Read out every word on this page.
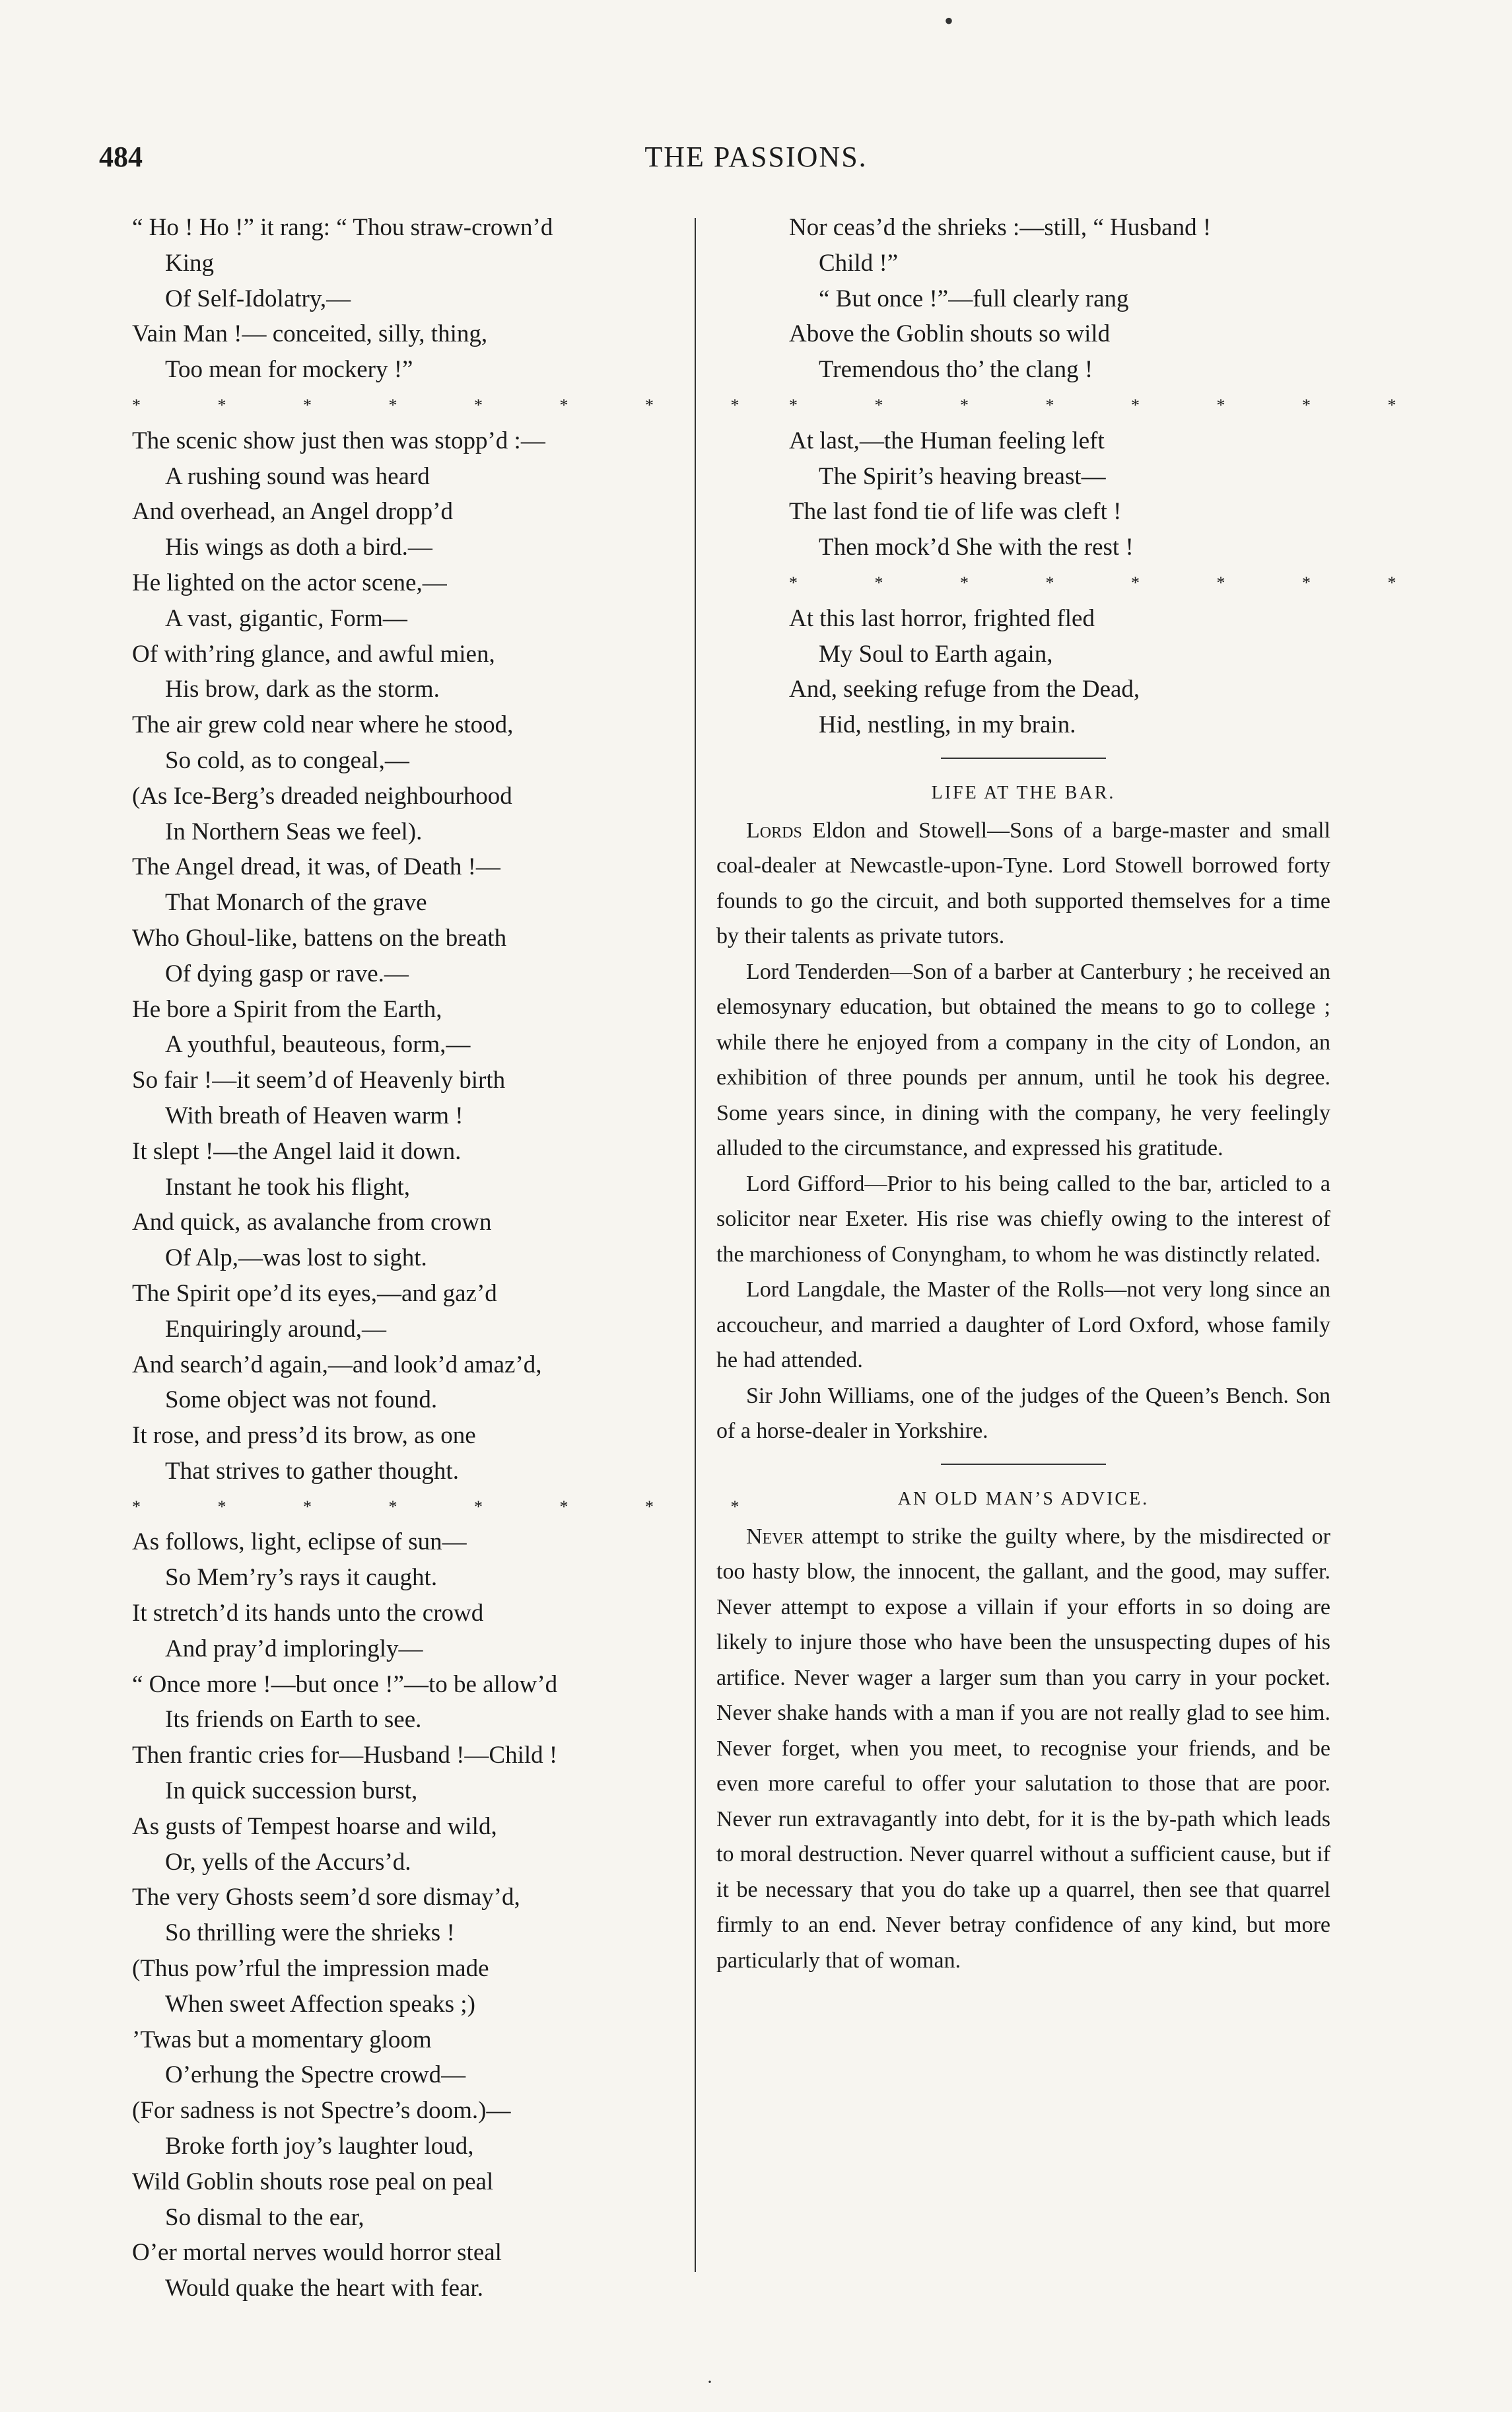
484	THE PASSIONS.
“ Ho ! Ho !” it rang: “ Thou straw-crown’d
King
Of Self-Idolatry,—
Vain Man !— conceited, silly, thing,
Too mean for mockery !”
* * * * * * * *
The scenic show just then was stopp’d :—
A rushing sound was heard
And overhead, an Angel dropp’d
His wings as doth a bird.—
He lighted on the actor scene,—
A vast, gigantic, Form—
Of with’ring glance, and awful mien,
His brow, dark as the storm.
The air grew cold near where he stood,
So cold, as to congeal,—
(As Ice-Berg’s dreaded neighbourhood
In Northern Seas we feel).
The Angel dread, it was, of Death !—
That Monarch of the grave
Who Ghoul-like, battens on the breath
Of dying gasp or rave.—
He bore a Spirit from the Earth,
A youthful, beauteous, form,—
So fair !—it seem’d of Heavenly birth
With breath of Heaven warm !
It slept !—the Angel laid it down.
Instant he took his flight,
And quick, as avalanche from crown
Of Alp,—was lost to sight.
The Spirit ope’d its eyes,—and gaz’d
Enquiringly around,—
And search’d again,—and look’d amaz’d,
Some object was not found.
It rose, and press’d its brow, as one
That strives to gather thought.
* * * * * * * *
As follows, light, eclipse of sun—
So Mem’ry’s rays it caught.
It stretch’d its hands unto the crowd
And pray’d imploringly—
“ Once more !—but once !”—to be allow’d
Its friends on Earth to see.
Then frantic cries for—Husband !—Child !
In quick succession burst,
As gusts of Tempest hoarse and wild,
Or, yells of the Accurs’d.
The very Ghosts seem’d sore dismay’d,
So thrilling were the shrieks !
(Thus pow’rful the impression made
When sweet Affection speaks ;)
’Twas but a momentary gloom
O’erhung the Spectre crowd—
(For sadness is not Spectre’s doom.)—
Broke forth joy’s laughter loud,
Wild Goblin shouts rose peal on peal
So dismal to the ear,
O’er mortal nerves would horror steal
Would quake the heart with fear.
Nor ceas’d the shrieks :—still, “ Husband !
Child !”
“ But once !”—full clearly rang
Above the Goblin shouts so wild
Tremendous tho’ the clang !
* * * * * * * *
At last,—the Human feeling left
The Spirit’s heaving breast—
The last fond tie of life was cleft !
Then mock’d She with the rest !
* * * * * * * *
At this last horror, frighted fled
My Soul to Earth again,
And, seeking refuge from the Dead,
Hid, nestling, in my brain.
LIFE AT THE BAR.

Lords Eldon and Stowell—Sons of a barge-master and small coal-dealer at Newcastle-upon-Tyne. Lord Stowell borrowed forty founds to go the circuit, and both supported themselves for a time by their talents as private tutors.

Lord Tenderden—Son of a barber at Canterbury ; he received an elemosynary education, but obtained the means to go to college ; while there he enjoyed from a company in the city of London, an exhibition of three pounds per annum, until he took his degree. Some years since, in dining with the company, he very feelingly alluded to the circumstance, and expressed his gratitude.

Lord Gifford—Prior to his being called to the bar, articled to a solicitor near Exeter. His rise was chiefly owing to the interest of the marchioness of Conyngham, to whom he was distinctly related.

Lord Langdale, the Master of the Rolls—not very long since an accoucheur, and married a daughter of Lord Oxford, whose family he had attended.

Sir John Williams, one of the judges of the Queen’s Bench. Son of a horse-dealer in Yorkshire.

AN OLD MAN’S ADVICE.

Never attempt to strike the guilty where, by the misdirected or too hasty blow, the innocent, the gallant, and the good, may suffer. Never attempt to expose a villain if your efforts in so doing are likely to injure those who have been the unsuspecting dupes of his artifice. Never wager a larger sum than you carry in your pocket. Never shake hands with a man if you are not really glad to see him. Never forget, when you meet, to recognise your friends, and be even more careful to offer your salutation to those that are poor. Never run extravagantly into debt, for it is the by-path which leads to moral destruction. Never quarrel without a sufficient cause, but if it be necessary that you do take up a quarrel, then see that quarrel firmly to an end. Never betray confidence of any kind, but more particularly that of woman.

•
·
